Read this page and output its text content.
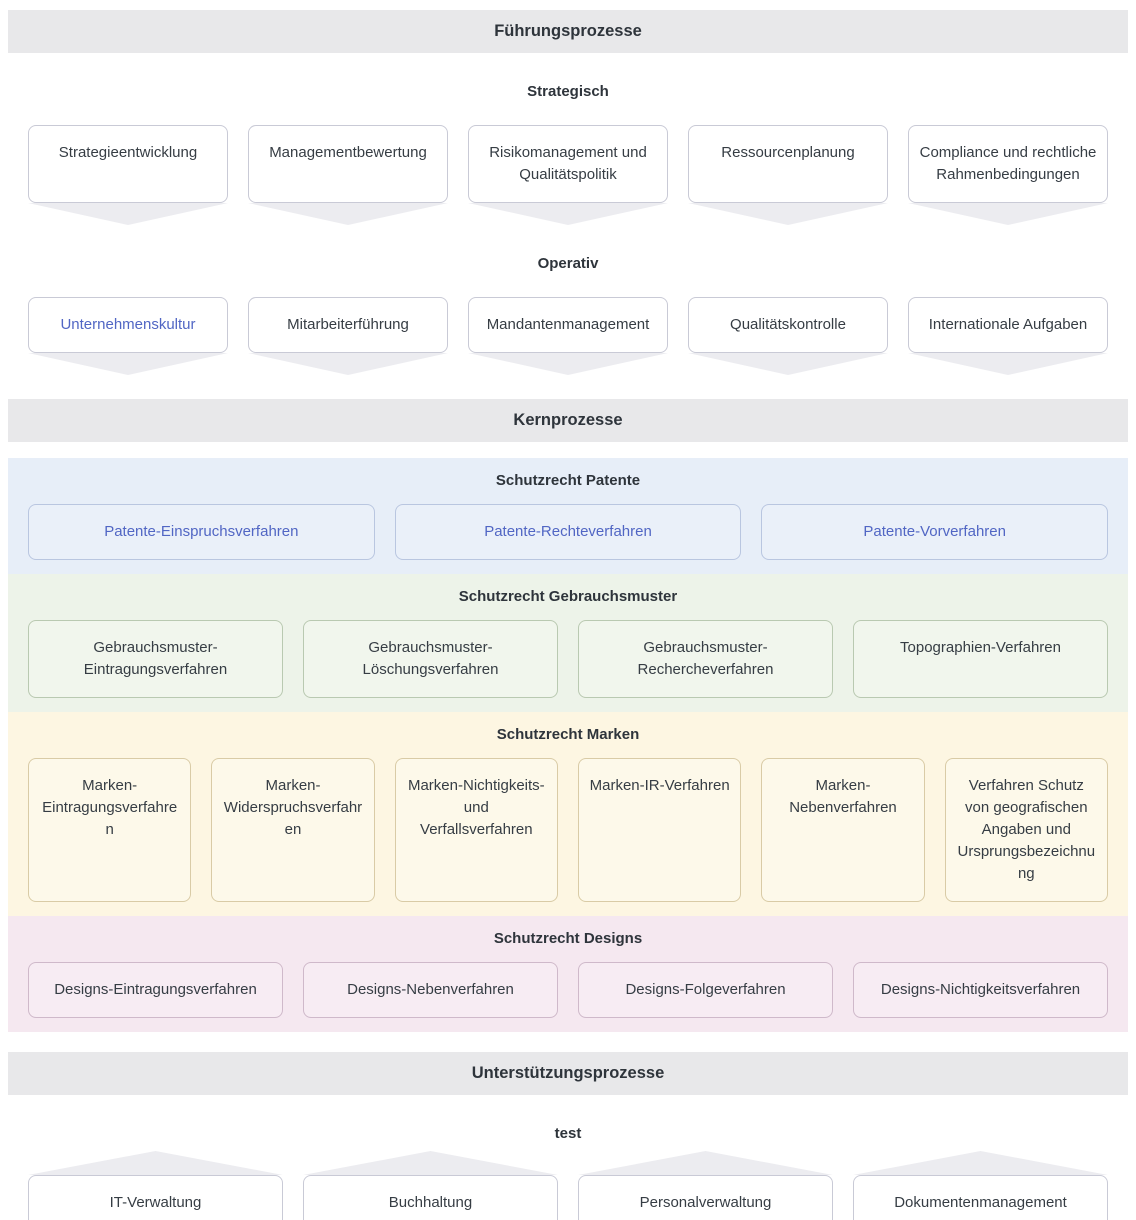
Führungsprozesse
Strategisch
Strategieentwicklung	Managementbewertung	Risikomanagement und Qualitätspolitik
Ressourcenplanung	Compliance und rechtliche Rahmenbedingungen
Operativ
Unternehmenskultur	Mitarbeiterführung	Mandantenmanagement	Qualitätskontrolle	Internationale Aufgaben
Kernprozesse
Schutzrecht Patente
Patente-Einspruchsverfahren	Patente-Rechteverfahren	Patente-Vorverfahren
Schutzrecht Gebrauchsmuster
Gebrauchsmuster-Eintragungsverfahren
Gebrauchsmuster-Löschungsverfahren
Gebrauchsmuster-Rechercheverfahren
Topographien-Verfahren
Schutzrecht Marken
Marken-Eintragungsverfahren
Marken-Widerspruchsverfahren
Marken-Nichtigkeits- und Verfallsverfahren
Marken-IR-Verfahren	Marken-Nebenverfahren
Verfahren Schutz von geografischen Angaben und Ursprungsbezeichnung
Schutzrecht Designs
Designs-Eintragungsverfahren	Designs-Nebenverfahren	Designs-Folgeverfahren	Designs-Nichtigkeitsverfahren
Unterstützungsprozesse
test
IT-Verwaltung	Buchhaltung	Personalverwaltung	Dokumentenmanagement
